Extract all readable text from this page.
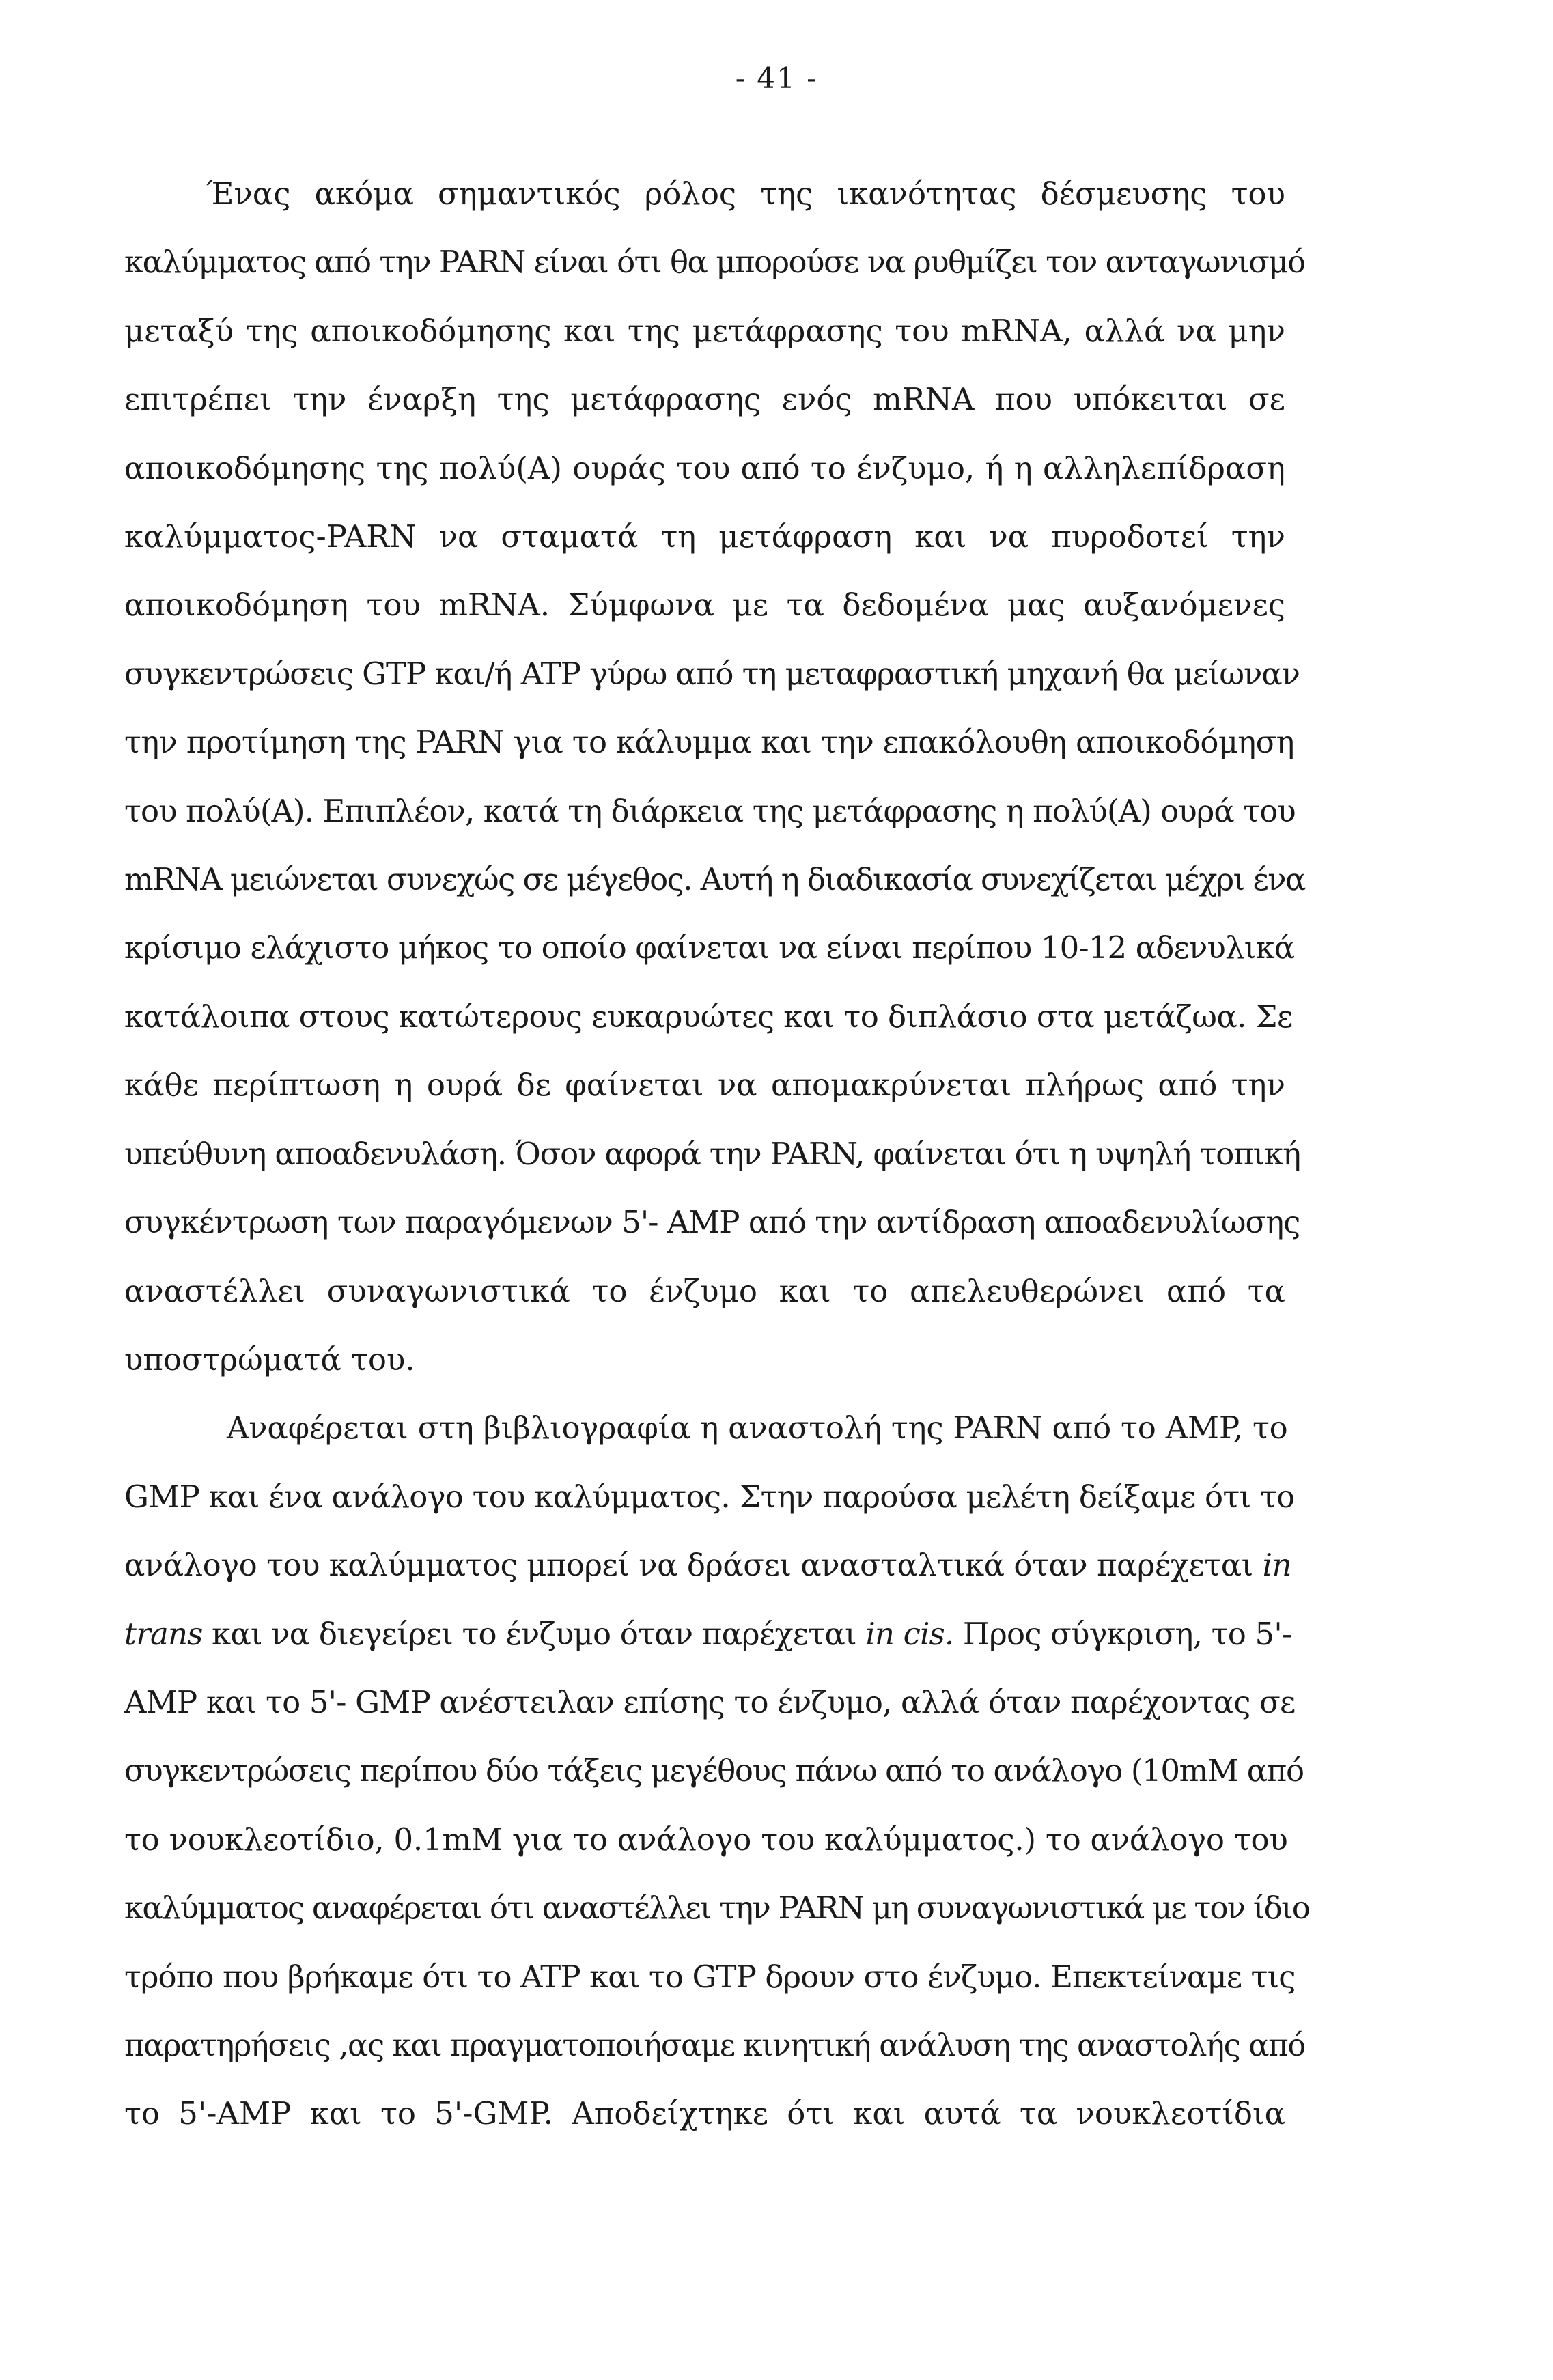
- 41 -
Ένας ακόμα σημαντικός ρόλος της ικανότητας δέσμευσης του
καλύμματος από την PARN είναι ότι θα μπορούσε να ρυθμίζει τον ανταγωνισμό
μεταξύ της αποικοδόμησης και της μετάφρασης του mRNA, αλλά να μην
επιτρέπει την έναρξη της μετάφρασης ενός mRNA που υπόκειται σε
αποικοδόμησης της πολύ(A) ουράς του από το ένζυμο, ή η αλληλεπίδραση
καλύμματος-PARN να σταματά τη μετάφραση και να πυροδοτεί την
αποικοδόμηση του mRNA. Σύμφωνα με τα δεδομένα μας αυξανόμενες
συγκεντρώσεις GTP και/ή ATP γύρω από τη μεταφραστική μηχανή θα μείωναν
την προτίμηση της PARN για το κάλυμμα και την επακόλουθη αποικοδόμηση
του πολύ(A). Επιπλέον, κατά τη διάρκεια της μετάφρασης η πολύ(A) ουρά του
mRNA μειώνεται συνεχώς σε μέγεθος. Αυτή η διαδικασία συνεχίζεται μέχρι ένα
κρίσιμο ελάχιστο μήκος το οποίο φαίνεται να είναι περίπου 10-12 αδενυλικά
κατάλοιπα στους κατώτερους ευκαρυώτες και το διπλάσιο στα μετάζωα. Σε
κάθε περίπτωση η ουρά δε φαίνεται να απομακρύνεται πλήρως από την
υπεύθυνη αποαδενυλάση. Όσον αφορά την PARN, φαίνεται ότι η υψηλή τοπική
συγκέντρωση των παραγόμενων 5'- AMP από την αντίδραση αποαδενυλίωσης
αναστέλλει συναγωνιστικά το ένζυμο και το απελευθερώνει από τα
υποστρώματά του.
Αναφέρεται στη βιβλιογραφία η αναστολή της PARN από το AMP, το
GMP και ένα ανάλογο του καλύμματος. Στην παρούσα μελέτη δείξαμε ότι το
ανάλογο του καλύμματος μπορεί να δράσει ανασταλτικά όταν παρέχεται in
trans και να διεγείρει το ένζυμο όταν παρέχεται in cis. Προς σύγκριση, το 5'-
AMP και το 5'- GMP ανέστειλαν επίσης το ένζυμο, αλλά όταν παρέχοντας σε
συγκεντρώσεις περίπου δύο τάξεις μεγέθους πάνω από το ανάλογο (10mM από
το νουκλεοτίδιο, 0.1mM για το ανάλογο του καλύμματος.) το ανάλογο του
καλύμματος αναφέρεται ότι αναστέλλει την PARN μη συναγωνιστικά με τον ίδιο
τρόπο που βρήκαμε ότι το ATP και το GTP δρουν στο ένζυμο. Επεκτείναμε τις
παρατηρήσεις ,ας και πραγματοποιήσαμε κινητική ανάλυση της αναστολής από
το 5'-AMP και το 5'-GMP. Αποδείχτηκε ότι και αυτά τα νουκλεοτίδια
